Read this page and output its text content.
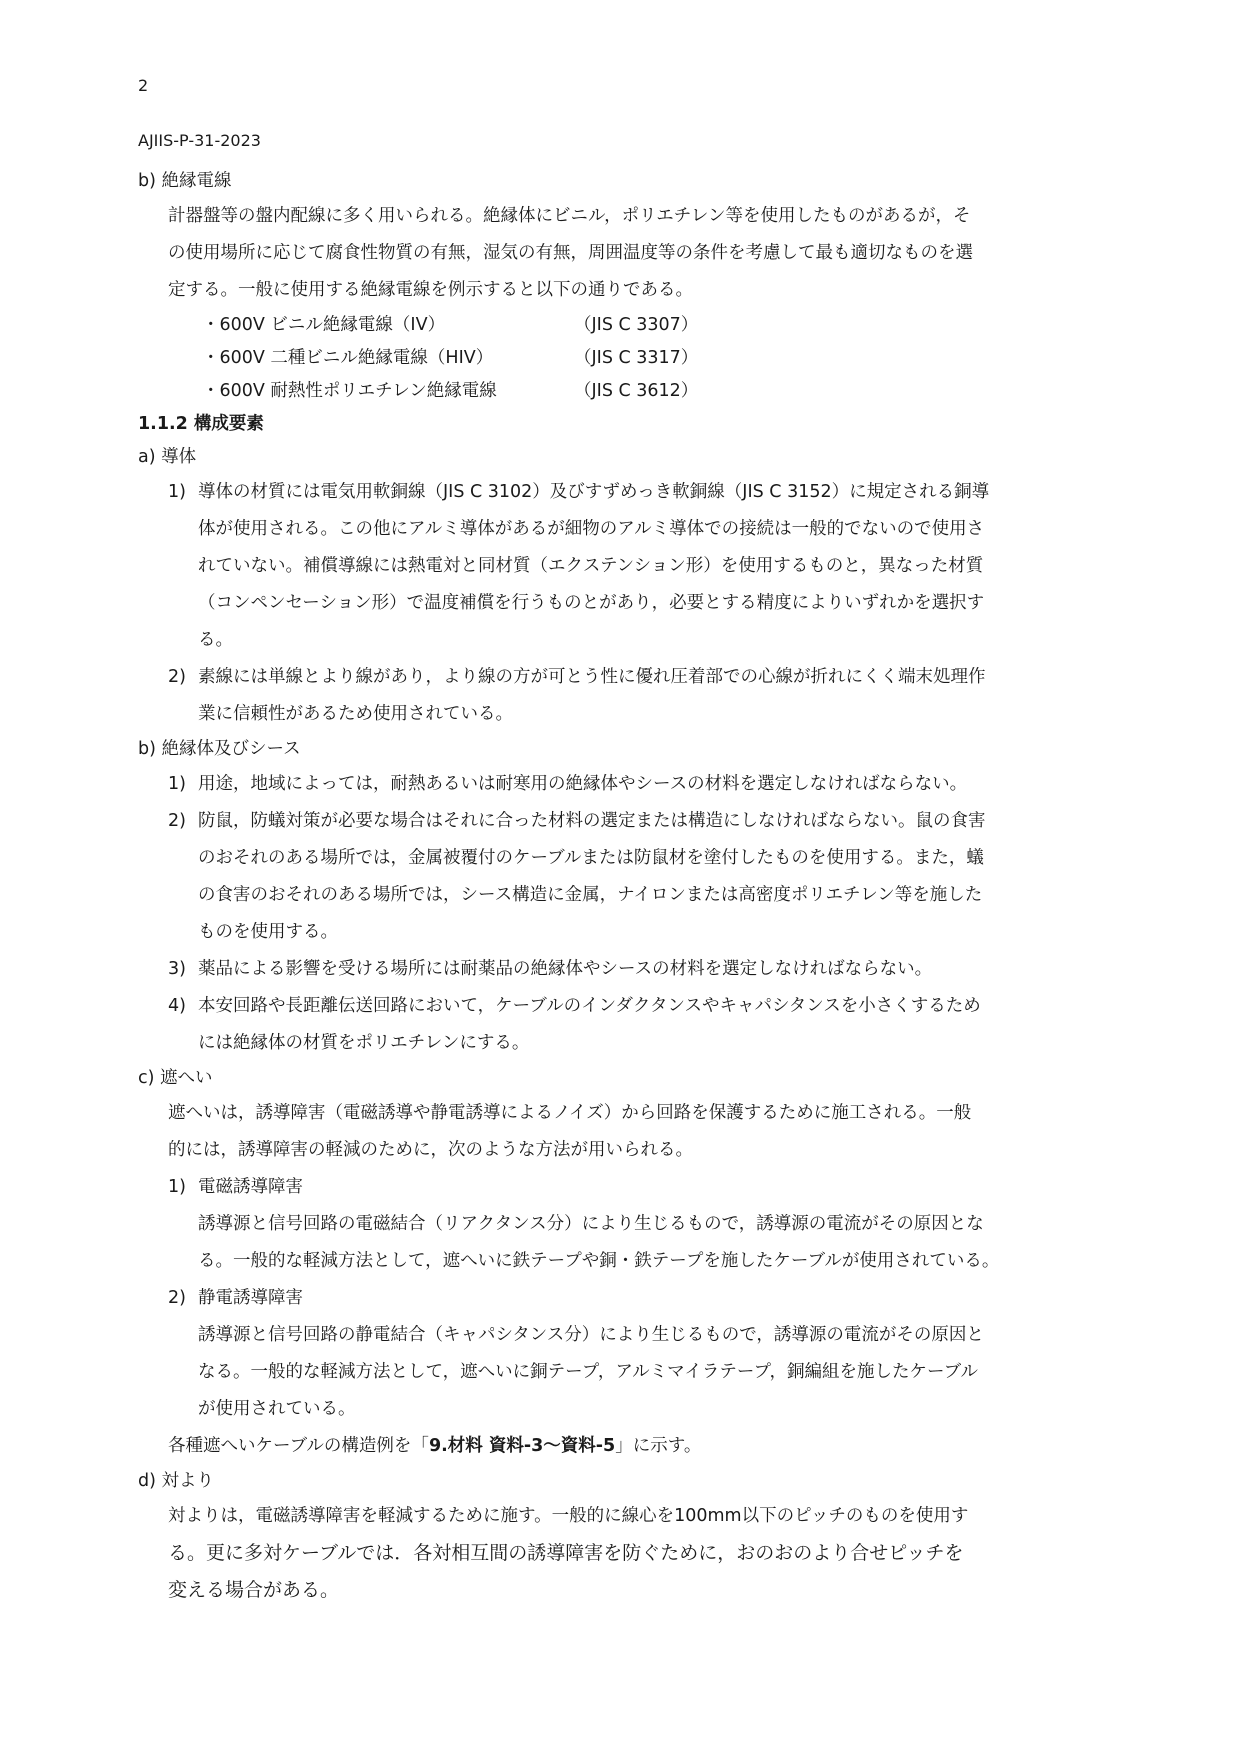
2
AJIIS-P-31-2023
b) 絶縁電線
計器盤等の盤内配線に多く用いられる。絶縁体にビニル，ポリエチレン等を使用したものがあるが，そ
の使用場所に応じて腐食性物質の有無，湿気の有無，周囲温度等の条件を考慮して最も適切なものを選
定する。一般に使用する絶縁電線を例示すると以下の通りである。
・600V ビニル絶縁電線（IV）	（JIS C 3307）
・600V 二種ビニル絶縁電線（HIV）	（JIS C 3317）
・600V 耐熱性ポリエチレン絶縁電線	（JIS C 3612）
1.1.2 構成要素
a) 導体
1) 導体の材質には電気用軟銅線（JIS C 3102）及びすずめっき軟銅線（JIS C 3152）に規定される銅導
体が使用される。この他にアルミ導体があるが細物のアルミ導体での接続は一般的でないので使用さ
れていない。補償導線には熱電対と同材質（エクステンション形）を使用するものと，異なった材質
（コンペンセーション形）で温度補償を行うものとがあり，必要とする精度によりいずれかを選択す
る。
2) 素線には単線とより線があり，より線の方が可とう性に優れ圧着部での心線が折れにくく端末処理作
業に信頼性があるため使用されている。
b) 絶縁体及びシース
1) 用途，地域によっては，耐熱あるいは耐寒用の絶縁体やシースの材料を選定しなければならない。
2) 防鼠，防蟻対策が必要な場合はそれに合った材料の選定または構造にしなければならない。鼠の食害
のおそれのある場所では，金属被覆付のケーブルまたは防鼠材を塗付したものを使用する。また，蟻
の食害のおそれのある場所では，シース構造に金属，ナイロンまたは高密度ポリエチレン等を施した
ものを使用する。
3) 薬品による影響を受ける場所には耐薬品の絶縁体やシースの材料を選定しなければならない。
4) 本安回路や長距離伝送回路において，ケーブルのインダクタンスやキャパシタンスを小さくするため
には絶縁体の材質をポリエチレンにする。
c) 遮へい
遮へいは，誘導障害（電磁誘導や静電誘導によるノイズ）から回路を保護するために施工される。一般
的には，誘導障害の軽減のために，次のような方法が用いられる。
1) 電磁誘導障害
誘導源と信号回路の電磁結合（リアクタンス分）により生じるもので，誘導源の電流がその原因とな
る。一般的な軽減方法として，遮へいに鉄テープや銅・鉄テープを施したケーブルが使用されている。
2) 静電誘導障害
誘導源と信号回路の静電結合（キャパシタンス分）により生じるもので，誘導源の電流がその原因と
なる。一般的な軽減方法として，遮へいに銅テープ，アルミマイラテープ，銅編組を施したケーブル
が使用されている。
各種遮へいケーブルの構造例を「9.材料 資料-3～資料-5」に示す。
d) 対より
対よりは，電磁誘導障害を軽減するために施す。一般的に線心を100mm以下のピッチのものを使用す
る。更に多対ケーブルでは．各対相互間の誘導障害を防ぐために，おのおのより合せピッチを
変える場合がある。
